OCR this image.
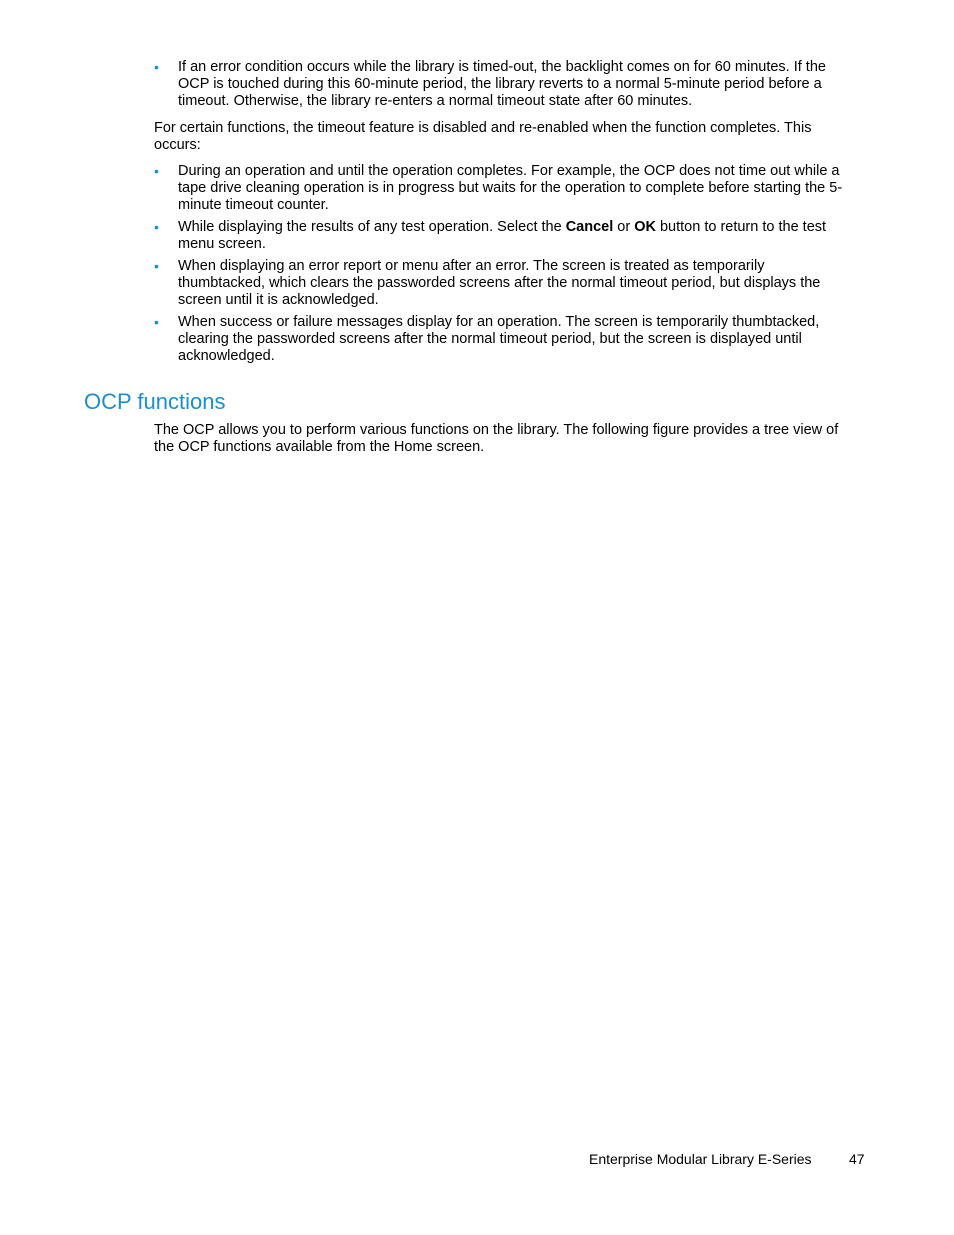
• If an error condition occurs while the library is timed-out, the backlight comes on for 60 minutes. If the OCP is touched during this 60-minute period, the library reverts to a normal 5-minute period before a timeout. Otherwise, the library re-enters a normal timeout state after 60 minutes.

For certain functions, the timeout feature is disabled and re-enabled when the function completes. This occurs:

• During an operation and until the operation completes. For example, the OCP does not time out while a tape drive cleaning operation is in progress but waits for the operation to complete before starting the 5-minute timeout counter.
• While displaying the results of any test operation. Select the Cancel or OK button to return to the test menu screen.
• When displaying an error report or menu after an error. The screen is treated as temporarily thumbtacked, which clears the passworded screens after the normal timeout period, but displays the screen until it is acknowledged.
• When success or failure messages display for an operation. The screen is temporarily thumbtacked, clearing the passworded screens after the normal timeout period, but the screen is displayed until acknowledged.
OCP functions

The OCP allows you to perform various functions on the library. The following figure provides a tree view of the OCP functions available from the Home screen.

Enterprise Modular Library E-Series	47
